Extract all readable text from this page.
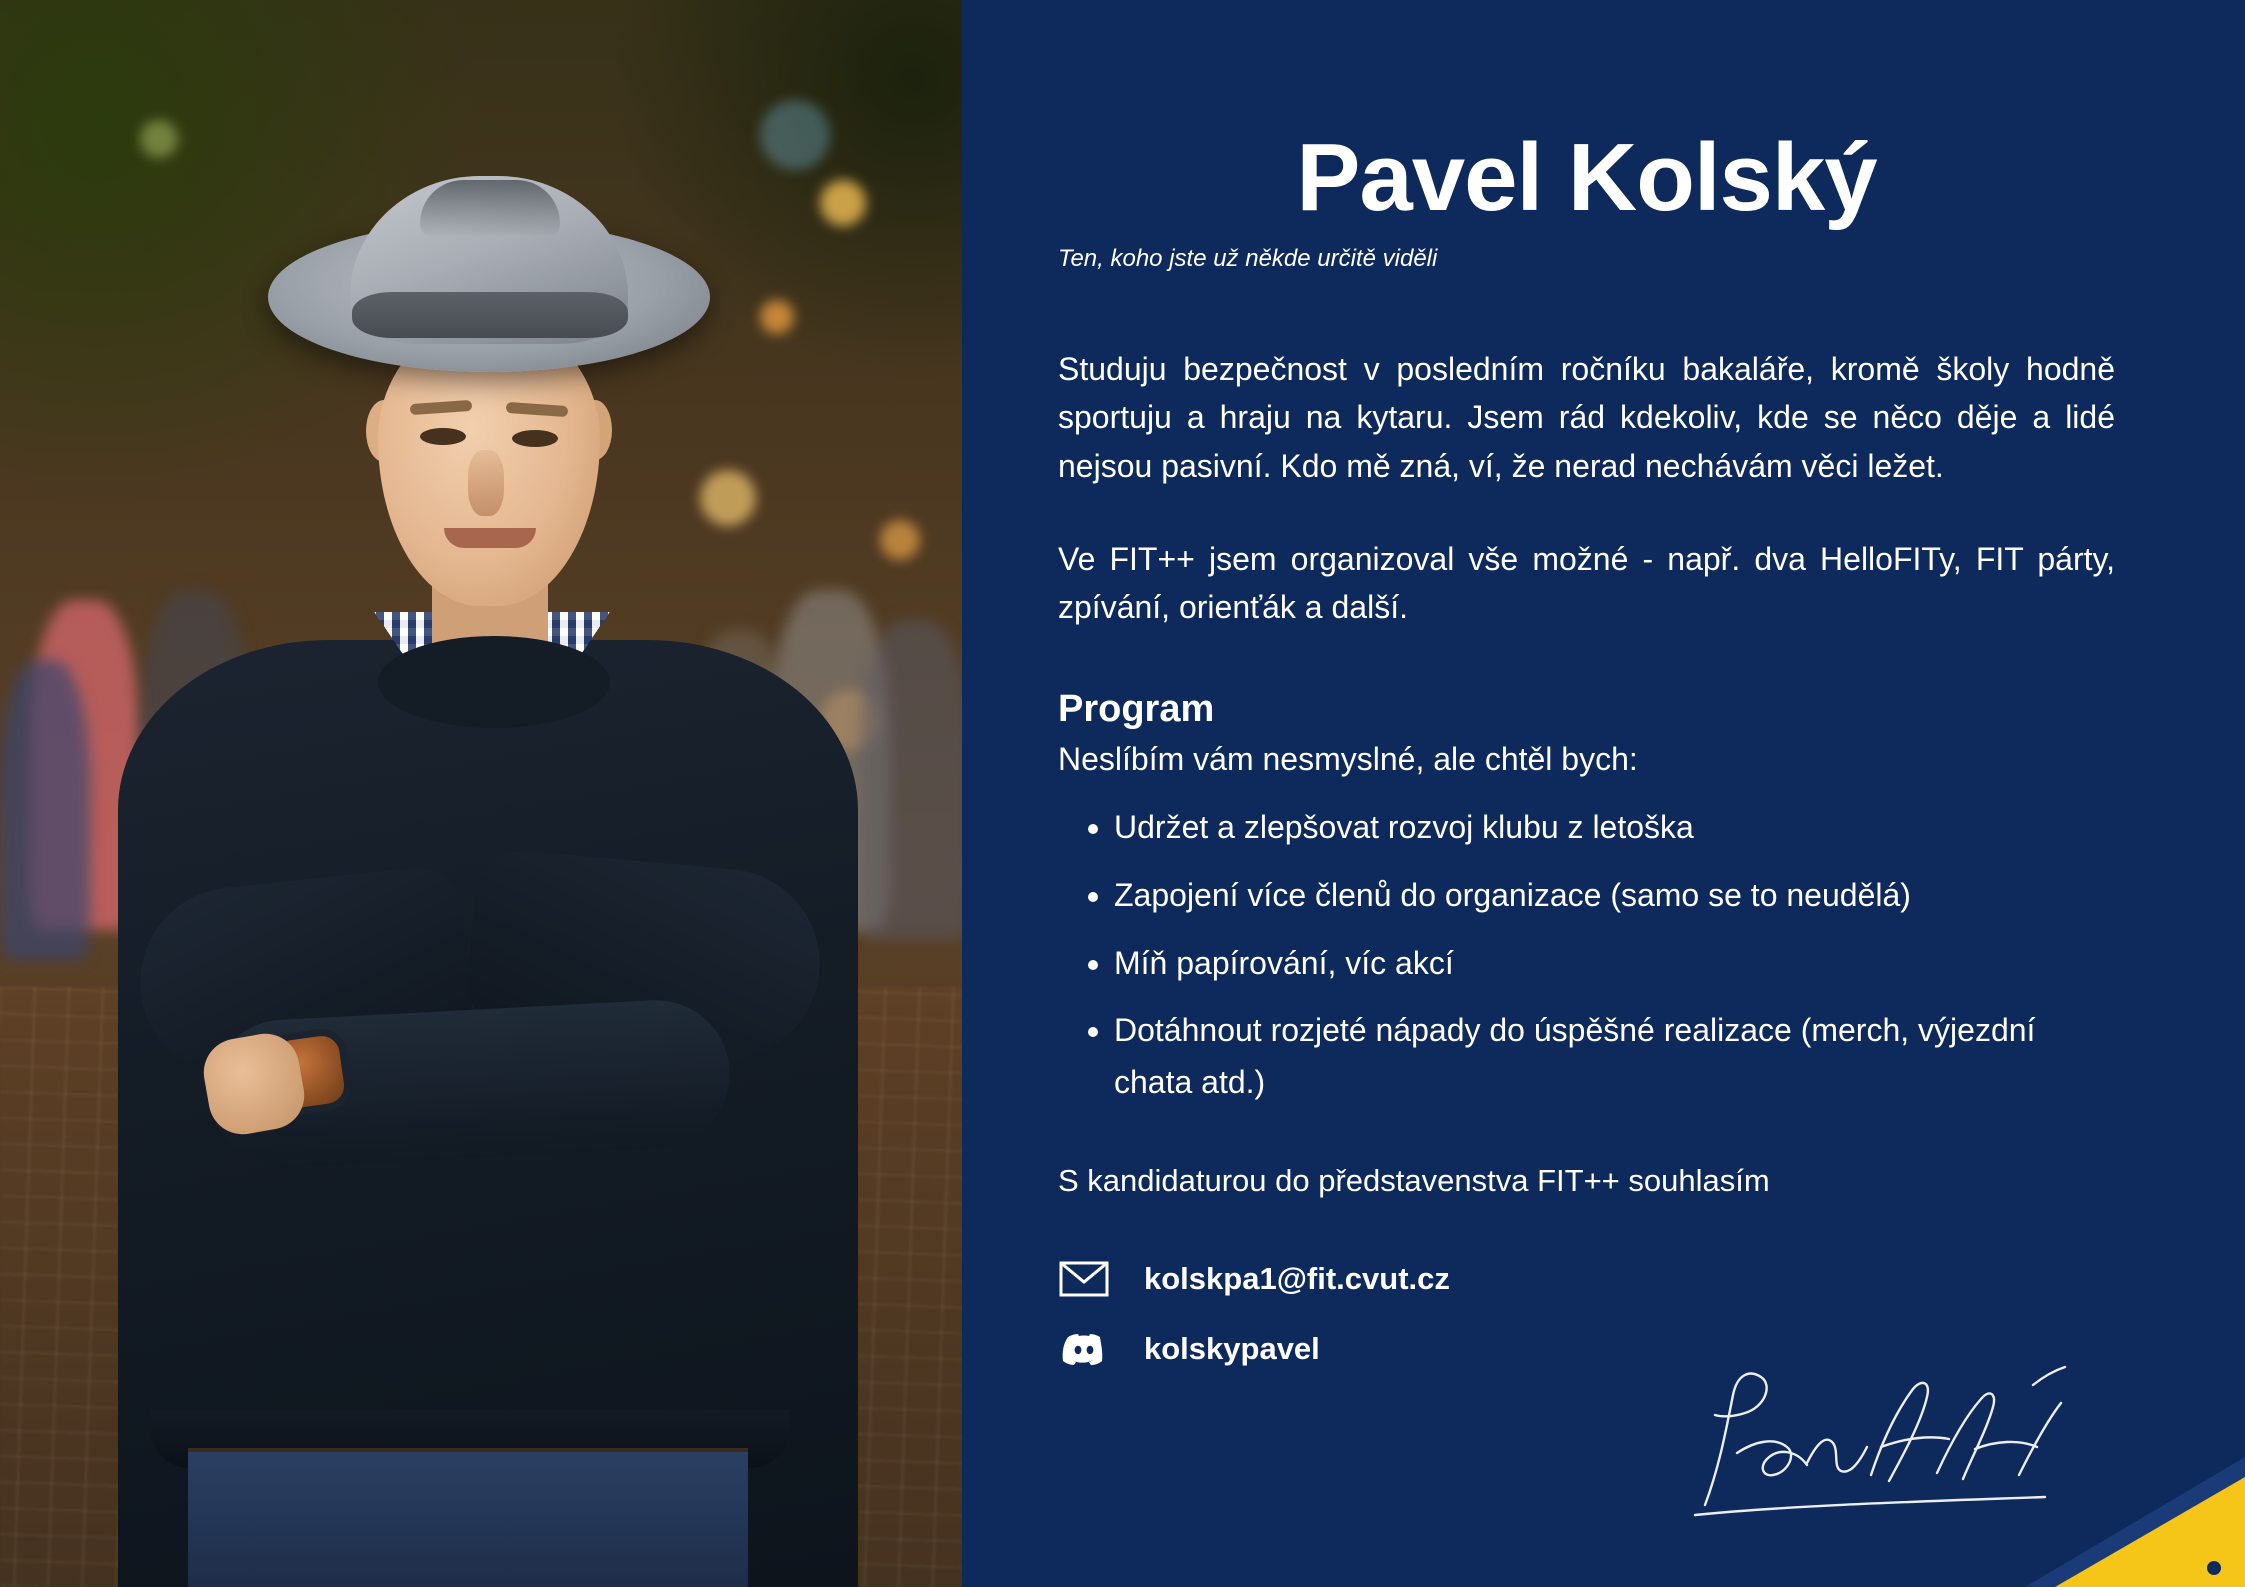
Pavel Kolský

Ten, koho jste už někde určitě viděli

Studuju bezpečnost v posledním ročníku bakaláře, kromě školy hodně sportuju a hraju na kytaru. Jsem rád kdekoliv, kde se něco děje a lidé nejsou pasivní. Kdo mě zná, ví, že nerad nechávám věci ležet.

Ve FIT++ jsem organizoval vše možné - např. dva HelloFITy, FIT párty, zpívání, orienťák a další.

Program

Neslíbím vám nesmyslné, ale chtěl bych:

• Udržet a zlepšovat rozvoj klubu z letoška
• Zapojení více členů do organizace (samo se to neudělá)
• Míň papírování, víc akcí
• Dotáhnout rozjeté nápady do úspěšné realizace (merch, výjezdní chata atd.)

S kandidaturou do představenstva FIT++ souhlasím

kolskpa1@fit.cvut.cz
kolskypavel
